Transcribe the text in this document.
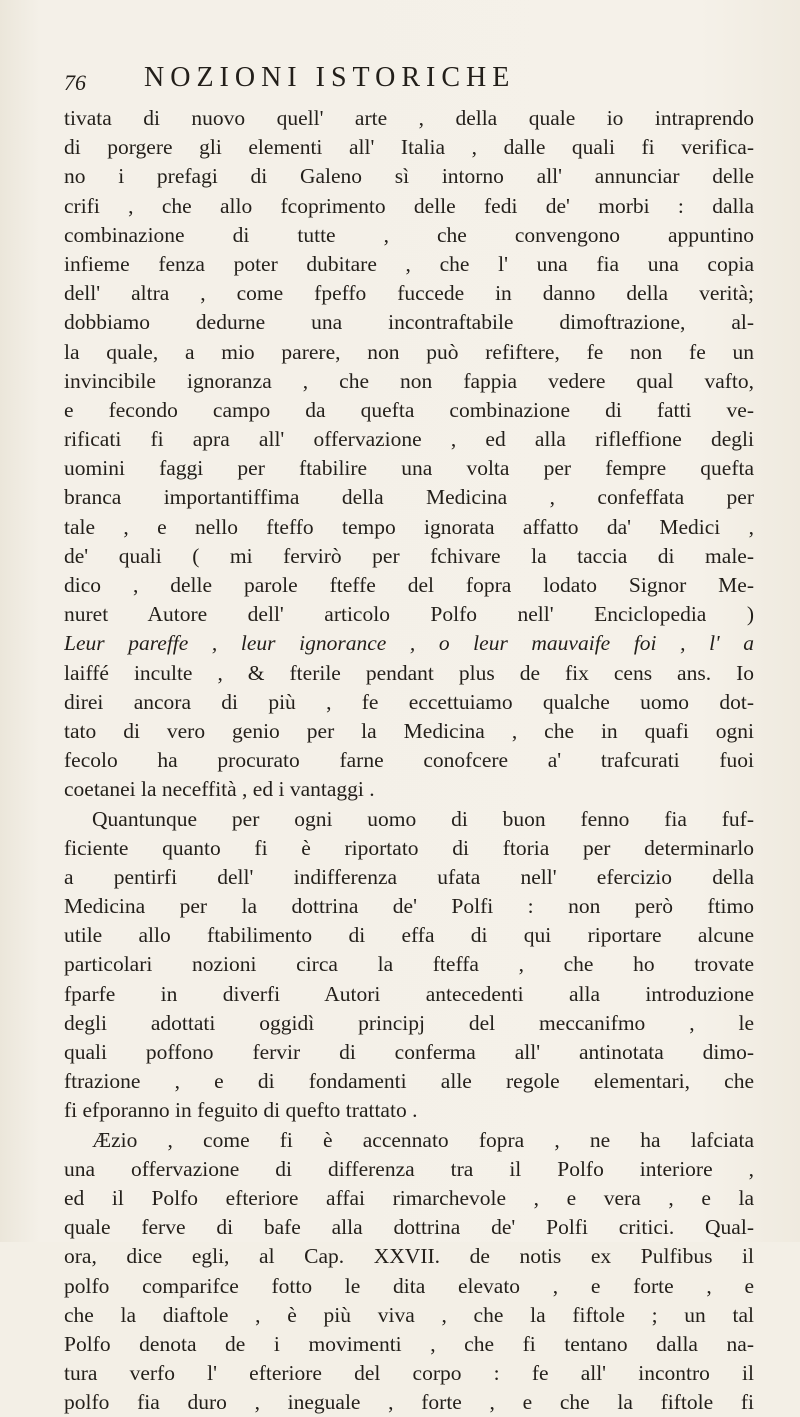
76 NOZIONI ISTORICHE
tivata di nuovo quell' arte , della quale io intraprendo
di porgere gli elementi all' Italia , dalle quali fi verifica-
no i prefagi di Galeno sì intorno all' annunciar delle
crifi , che allo fcoprimento delle fedi de' morbi : dalla
combinazione di tutte , che convengono appuntino
infieme fenza poter dubitare , che l' una fia una copia
dell' altra , come fpeffo fuccede in danno della verità;
dobbiamo dedurne una incontraftabile dimoftrazione, al-
la quale, a mio parere, non può refiftere, fe non fe un
invincibile ignoranza , che non fappia vedere qual vafto,
e fecondo campo da quefta combinazione di fatti ve-
rificati fi apra all' offervazione , ed alla rifleffione degli
uomini faggi per ftabilire una volta per fempre quefta
branca importantiffima della Medicina , confeffata per
tale , e nello fteffo tempo ignorata affatto da' Medici ,
de' quali ( mi fervirò per fchivare la taccia di male-
dico , delle parole fteffe del fopra lodato Signor Me-
nuret Autore dell' articolo Polfo nell' Enciclopedia )
Leur pareffe , leur ignorance , o leur mauvaife foi , l' a
laiffé inculte , & fterile pendant plus de fix cens ans. Io
direi ancora di più , fe eccettuiamo qualche uomo dot-
tato di vero genio per la Medicina , che in quafi ogni
fecolo ha procurato farne conofcere a' trafcurati fuoi
coetanei la neceffità , ed i vantaggi .
Quantunque per ogni uomo di buon fenno fia fuf-
ficiente quanto fi è riportato di ftoria per determinarlo
a pentirfi dell' indifferenza ufata nell' efercizio della
Medicina per la dottrina de' Polfi : non però ftimo
utile allo ftabilimento di effa di qui riportare alcune
particolari nozioni circa la fteffa , che ho trovate
fparfe in diverfi Autori antecedenti alla introduzione
degli adottati oggidì principj del meccanifmo , le
quali poffono fervir di conferma all' antinotata dimo-
ftrazione , e di fondamenti alle regole elementari, che
fi efporanno in feguito di quefto trattato .
Æzio , come fi è accennato fopra , ne ha lafciata
una offervazione di differenza tra il Polfo interiore ,
ed il Polfo efteriore affai rimarchevole , e vera , e la
quale ferve di bafe alla dottrina de' Polfi critici. Qual-
ora, dice egli, al Cap. XXVII. de notis ex Pulfibus il
polfo comparifce fotto le dita elevato , e forte , e
che la diaftole , è più viva , che la fiftole ; un tal
Polfo denota de i movimenti , che fi tentano dalla na-
tura verfo l' efteriore del corpo : fe all' incontro il
polfo fia duro , ineguale , forte , e che la fiftole fi
